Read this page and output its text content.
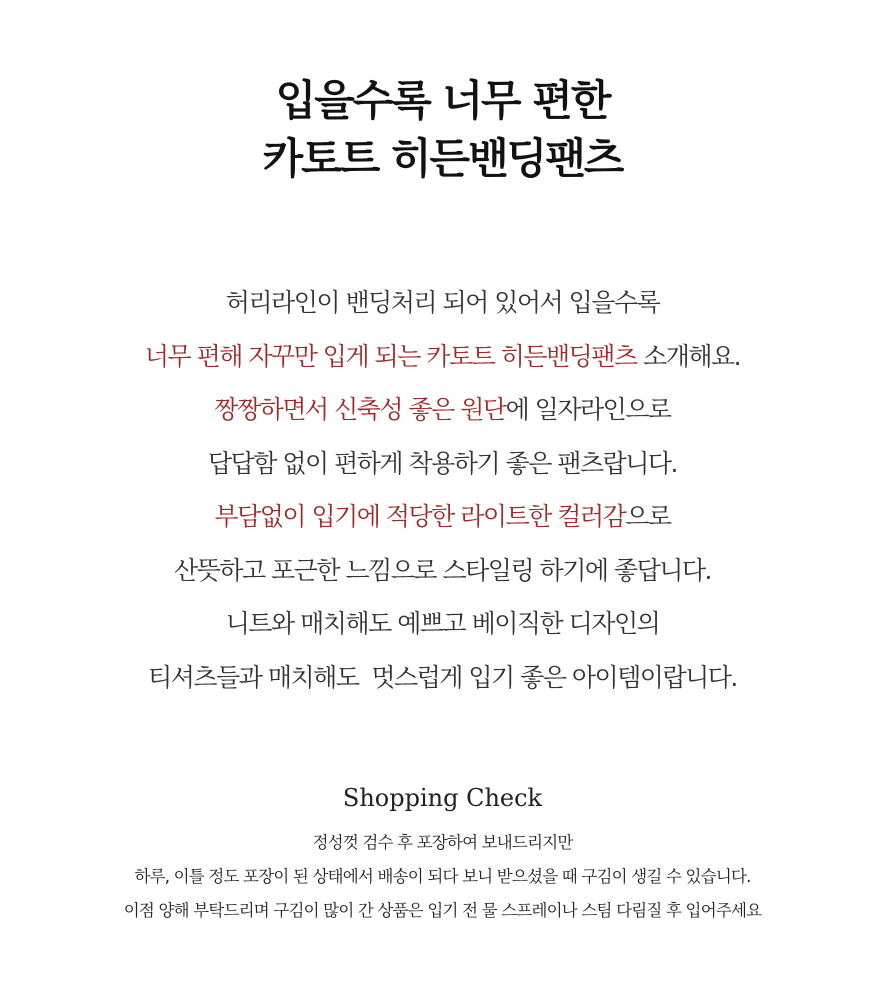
입을수록 너무 편한
카토트 히든밴딩팬츠
허리라인이 밴딩처리 되어 있어서 입을수록
너무 편해 자꾸만 입게 되는 카토트 히든밴딩팬츠 소개해요.
짱짱하면서 신축성 좋은 원단에 일자라인으로
답답함 없이 편하게 착용하기 좋은 팬츠랍니다.
부담없이 입기에 적당한 라이트한 컬러감으로
산뜻하고 포근한 느낌으로 스타일링 하기에 좋답니다.
니트와 매치해도 예쁘고 베이직한 디자인의
티셔츠들과 매치해도  멋스럽게 입기 좋은 아이템이랍니다.
Shopping Check
정성껏 검수 후 포장하여 보내드리지만
하루, 이틀 정도 포장이 된 상태에서 배송이 되다 보니 받으셨을 때 구김이 생길 수 있습니다.
이점 양해 부탁드리며 구김이 많이 간 상품은 입기 전 물 스프레이나 스팀 다림질 후 입어주세요
